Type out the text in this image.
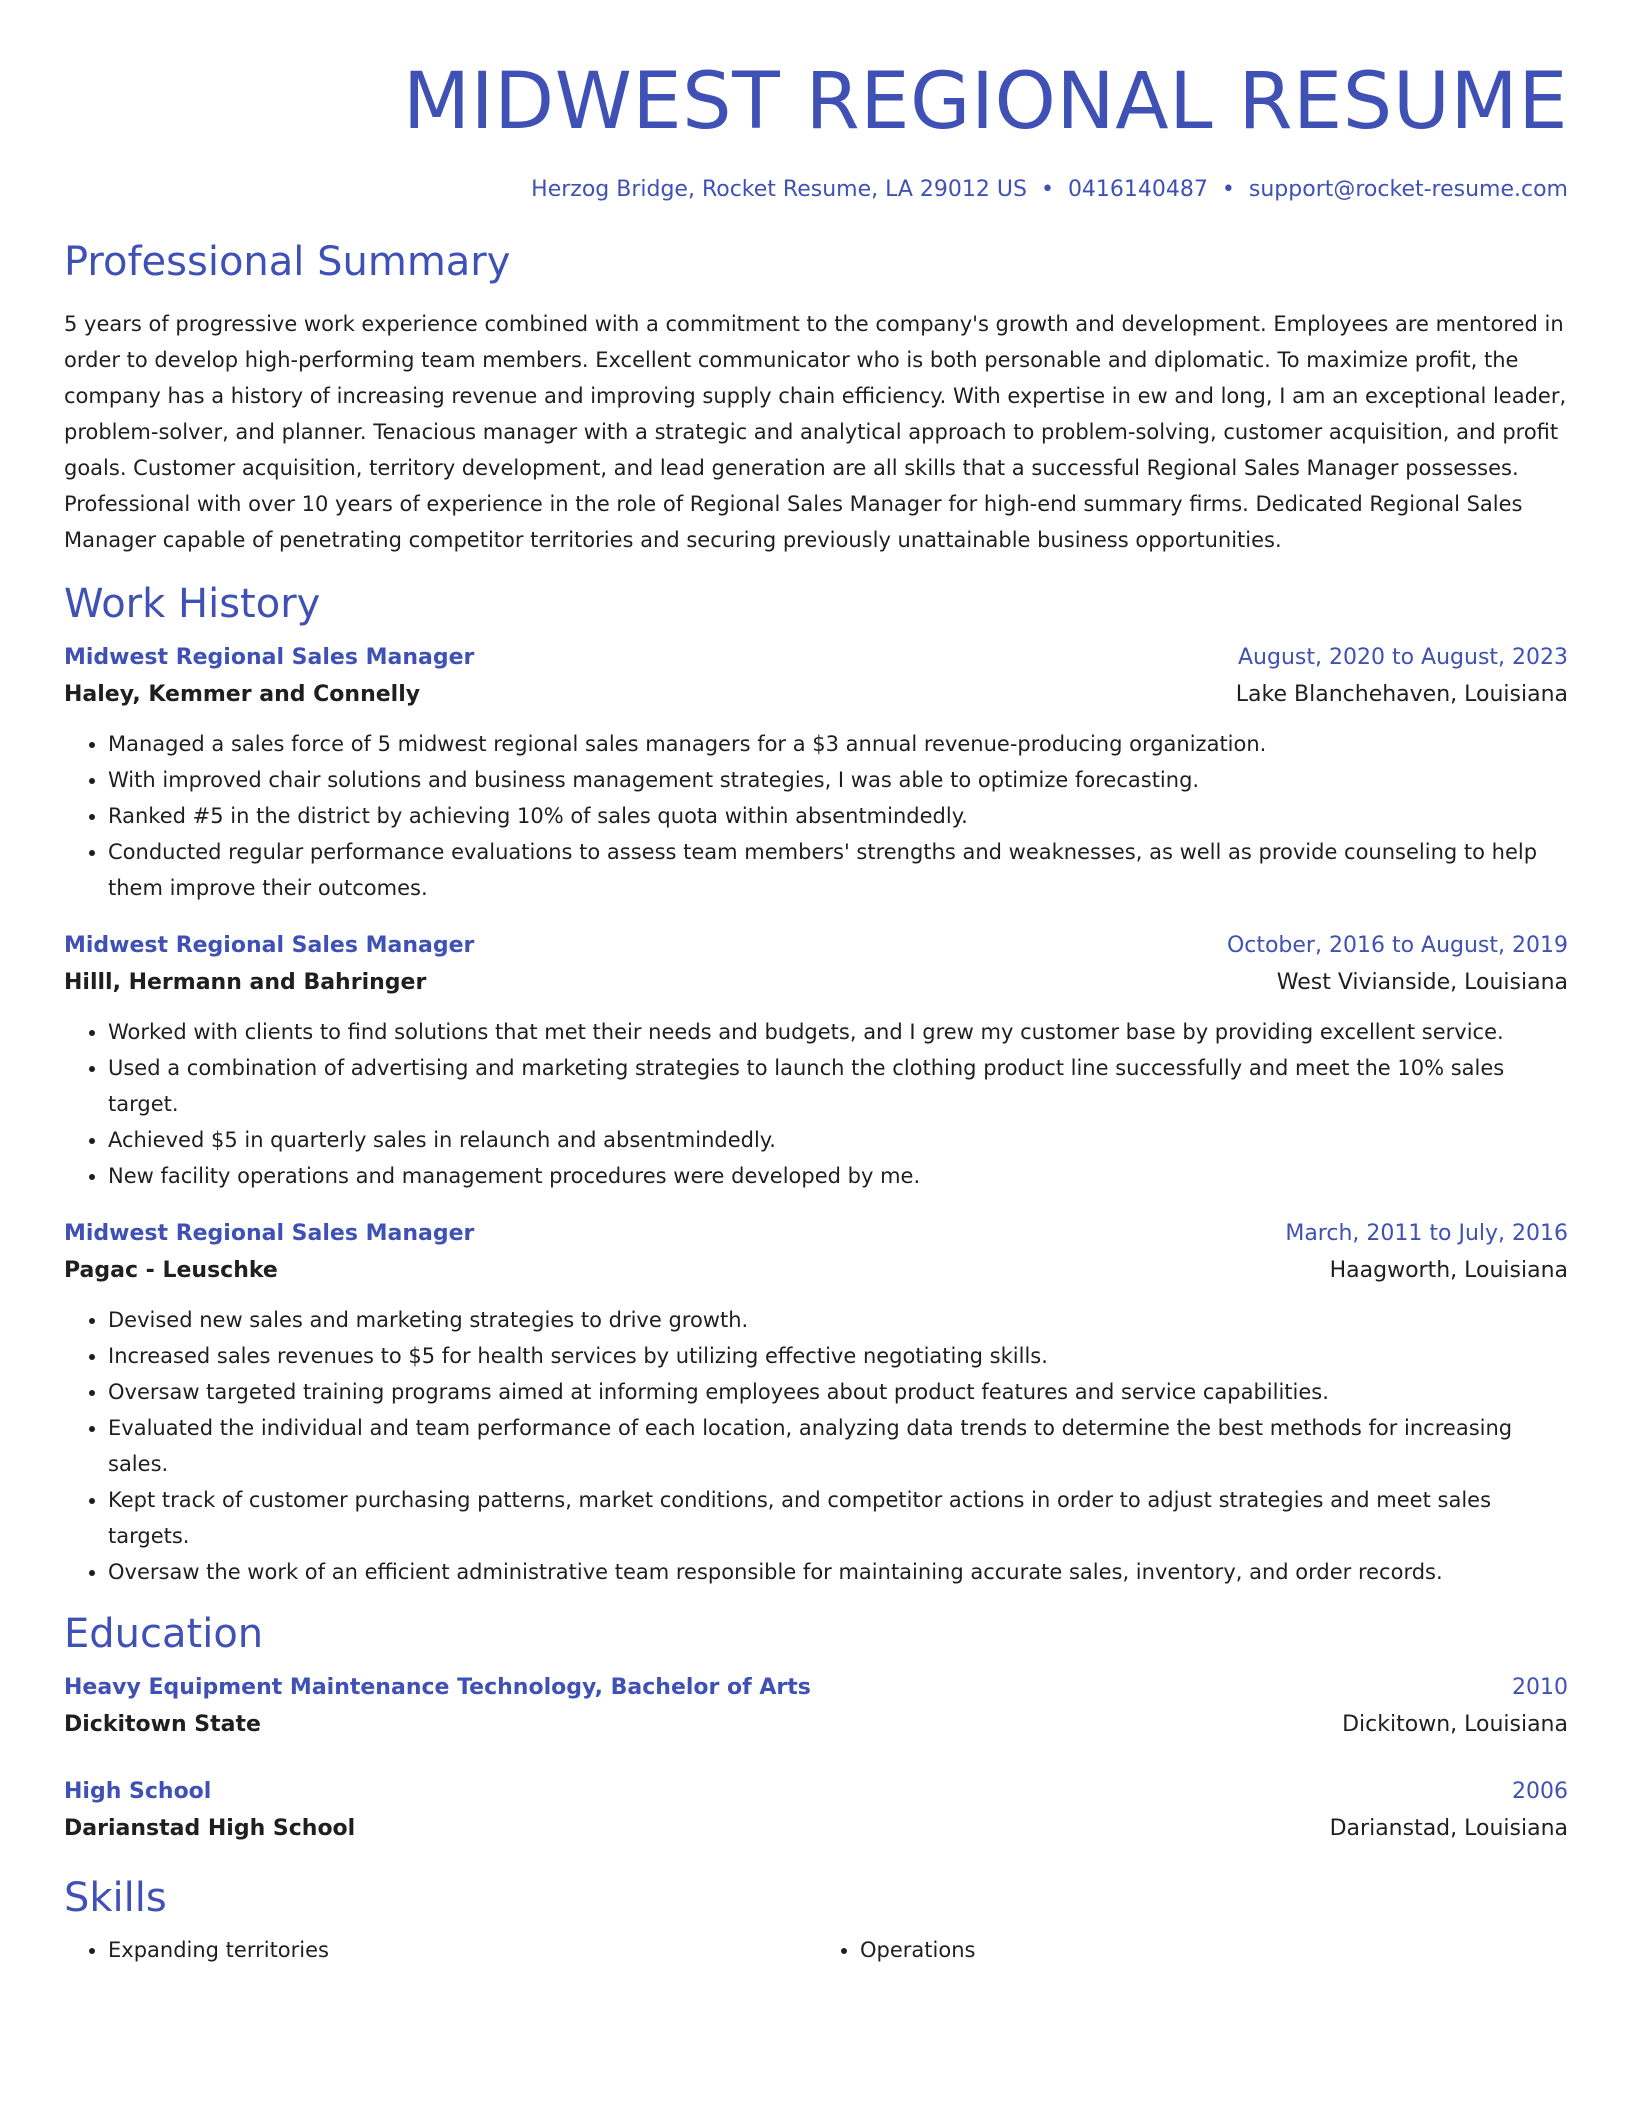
MIDWEST REGIONAL RESUME
Herzog Bridge, Rocket Resume, LA 29012 US • 0416140487 • support@rocket-resume.com
Professional Summary
5 years of progressive work experience combined with a commitment to the company's growth and development. Employees are mentored in order to develop high-performing team members. Excellent communicator who is both personable and diplomatic. To maximize profit, the company has a history of increasing revenue and improving supply chain efficiency. With expertise in ew and long, I am an exceptional leader, problem-solver, and planner. Tenacious manager with a strategic and analytical approach to problem-solving, customer acquisition, and profit goals. Customer acquisition, territory development, and lead generation are all skills that a successful Regional Sales Manager possesses. Professional with over 10 years of experience in the role of Regional Sales Manager for high-end summary firms. Dedicated Regional Sales Manager capable of penetrating competitor territories and securing previously unattainable business opportunities.
Work History
Midwest Regional Sales Manager	August, 2020 to August, 2023
Haley, Kemmer and Connelly	Lake Blanchehaven, Louisiana
• Managed a sales force of 5 midwest regional sales managers for a $3 annual revenue-producing organization.
• With improved chair solutions and business management strategies, I was able to optimize forecasting.
• Ranked #5 in the district by achieving 10% of sales quota within absentmindedly.
• Conducted regular performance evaluations to assess team members' strengths and weaknesses, as well as provide counseling to help them improve their outcomes.
Midwest Regional Sales Manager	October, 2016 to August, 2019
Hilll, Hermann and Bahringer	West Vivianside, Louisiana
• Worked with clients to find solutions that met their needs and budgets, and I grew my customer base by providing excellent service.
• Used a combination of advertising and marketing strategies to launch the clothing product line successfully and meet the 10% sales target.
• Achieved $5 in quarterly sales in relaunch and absentmindedly.
• New facility operations and management procedures were developed by me.
Midwest Regional Sales Manager	March, 2011 to July, 2016
Pagac - Leuschke	Haagworth, Louisiana
• Devised new sales and marketing strategies to drive growth.
• Increased sales revenues to $5 for health services by utilizing effective negotiating skills.
• Oversaw targeted training programs aimed at informing employees about product features and service capabilities.
• Evaluated the individual and team performance of each location, analyzing data trends to determine the best methods for increasing sales.
• Kept track of customer purchasing patterns, market conditions, and competitor actions in order to adjust strategies and meet sales targets.
• Oversaw the work of an efficient administrative team responsible for maintaining accurate sales, inventory, and order records.
Education
Heavy Equipment Maintenance Technology, Bachelor of Arts	2010
Dickitown State	Dickitown, Louisiana
High School	2006
Darianstad High School	Darianstad, Louisiana
Skills
• Expanding territories
•	Operations
